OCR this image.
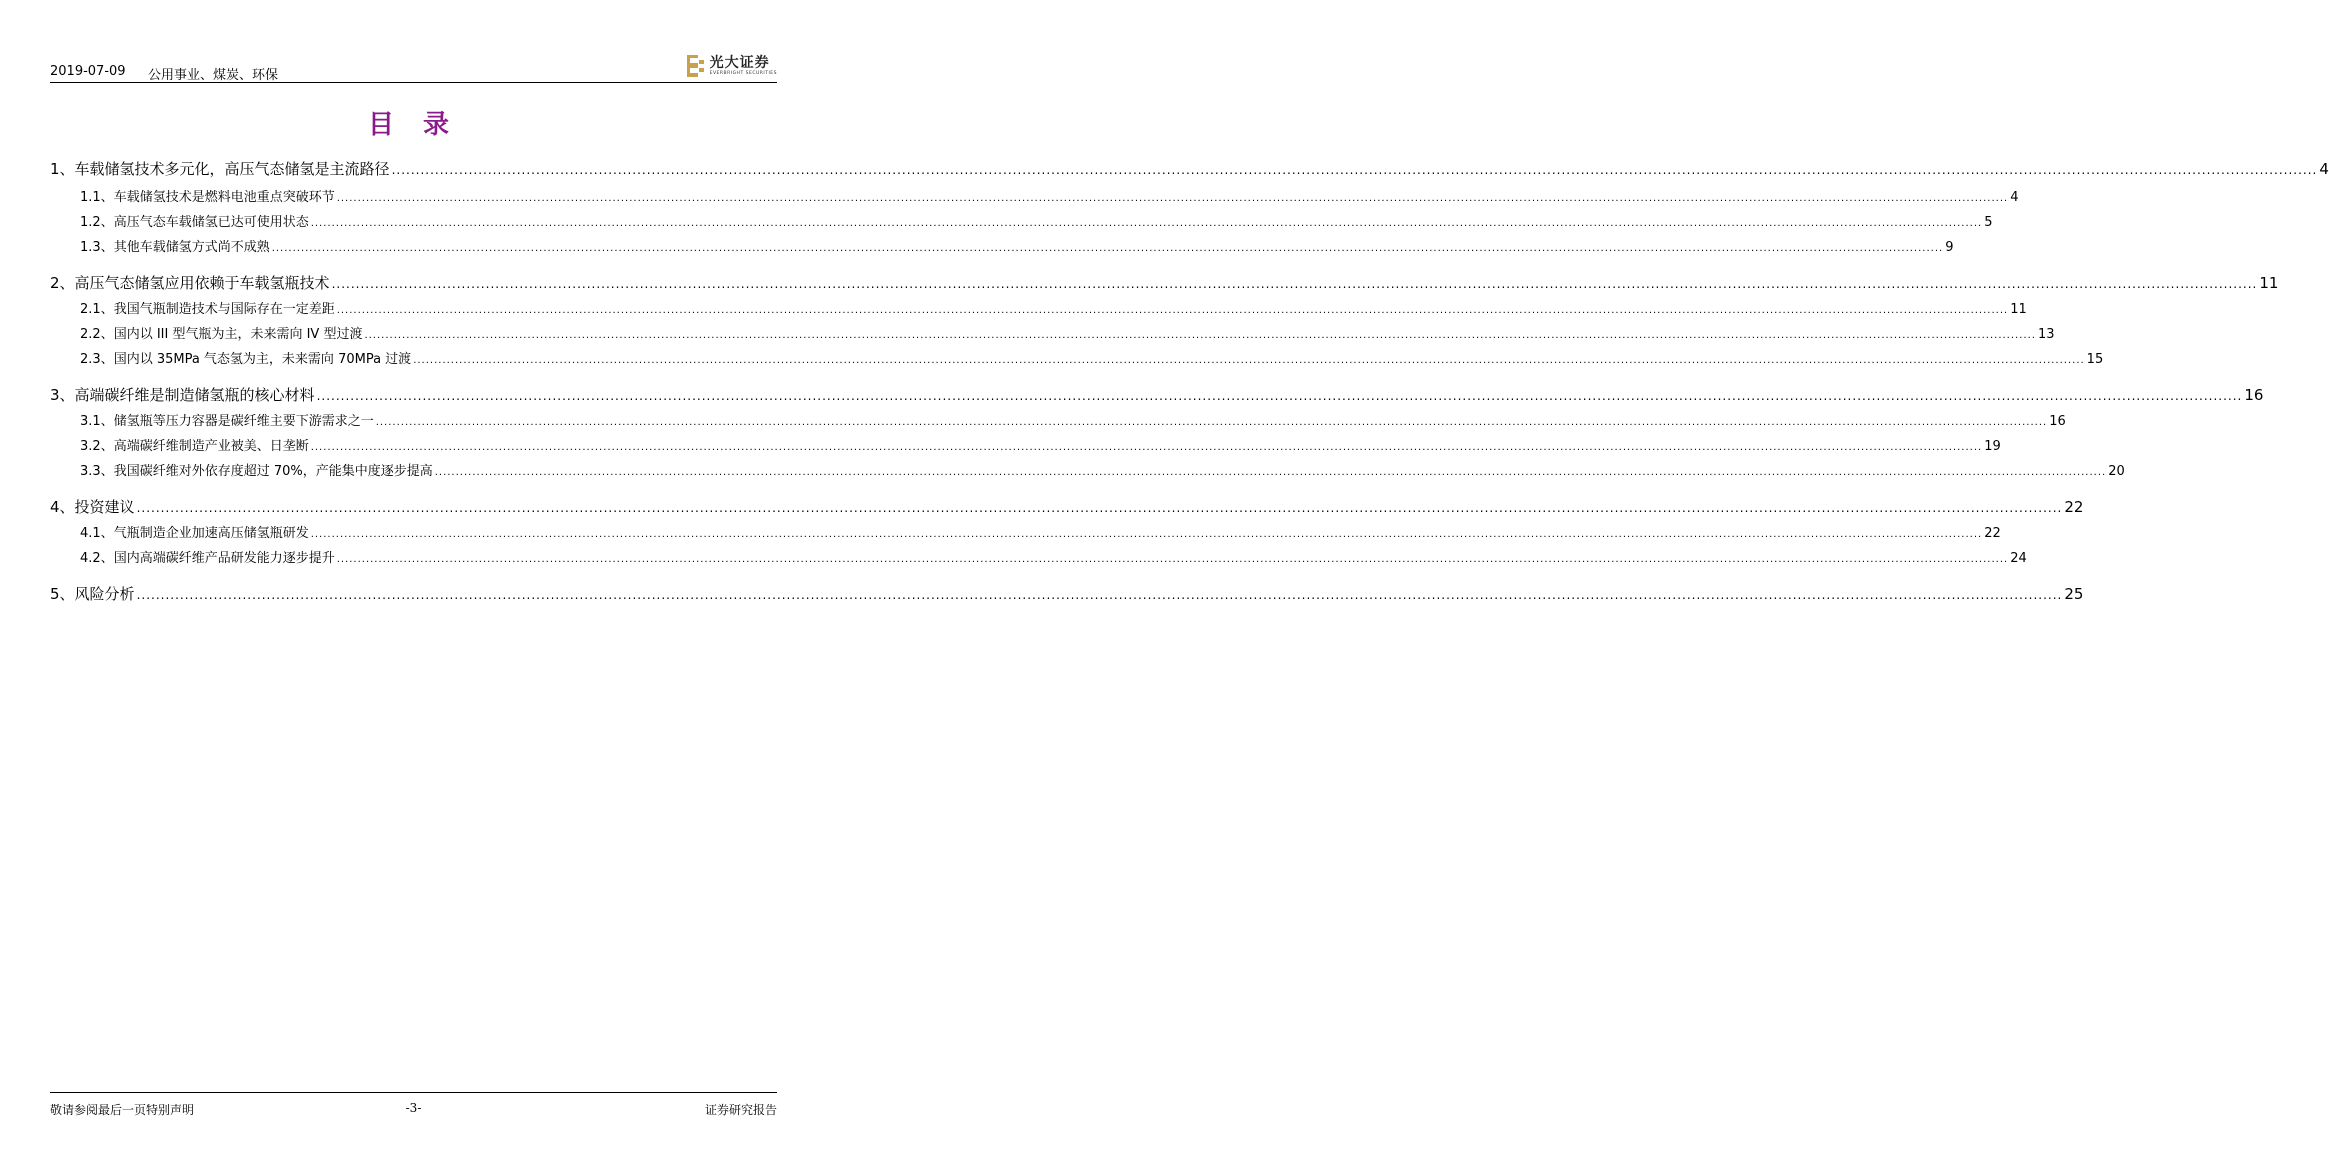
2019-07-09 公用事业、煤炭、环保
光大证券
EVERBRIGHT SECURITIES
目 录
1、 车载储氢技术多元化，高压气态储氢是主流路径 ................................................................................................................................................................................................................................................................................................................................................................................................................ 4
1.1、 车载储氢技术是燃料电池重点突破环节 ................................................................................................................................................................................................................................................................................................................................................................................................................ 4
1.2、 高压气态车载储氢已达可使用状态 ................................................................................................................................................................................................................................................................................................................................................................................................................ 5
1.3、 其他车载储氢方式尚不成熟 ................................................................................................................................................................................................................................................................................................................................................................................................................ 9
2、 高压气态储氢应用依赖于车载氢瓶技术 ................................................................................................................................................................................................................................................................................................................................................................................................................ 11
2.1、 我国气瓶制造技术与国际存在一定差距 ................................................................................................................................................................................................................................................................................................................................................................................................................ 11
2.2、 国内以 III 型气瓶为主，未来需向 IV 型过渡 ................................................................................................................................................................................................................................................................................................................................................................................................................ 13
2.3、 国内以 35MPa 气态氢为主，未来需向 70MPa 过渡 ................................................................................................................................................................................................................................................................................................................................................................................................................ 15
3、 高端碳纤维是制造储氢瓶的核心材料 ................................................................................................................................................................................................................................................................................................................................................................................................................ 16
3.1、 储氢瓶等压力容器是碳纤维主要下游需求之一 ................................................................................................................................................................................................................................................................................................................................................................................................................ 16
3.2、 高端碳纤维制造产业被美、日垄断 ................................................................................................................................................................................................................................................................................................................................................................................................................ 19
3.3、 我国碳纤维对外依存度超过 70%，产能集中度逐步提高 ................................................................................................................................................................................................................................................................................................................................................................................................................ 20
4、 投资建议 ................................................................................................................................................................................................................................................................................................................................................................................................................ 22
4.1、 气瓶制造企业加速高压储氢瓶研发 ................................................................................................................................................................................................................................................................................................................................................................................................................ 22
4.2、 国内高端碳纤维产品研发能力逐步提升 ................................................................................................................................................................................................................................................................................................................................................................................................................ 24
5、 风险分析 ................................................................................................................................................................................................................................................................................................................................................................................................................ 25
敬请参阅最后一页特别声明	-3-	证券研究报告
